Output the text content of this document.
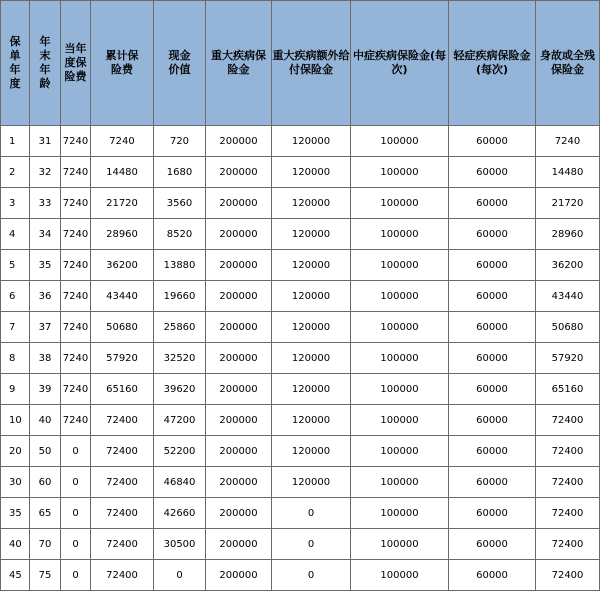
保单年度	年末年龄	当年度保险费	累计保险费	现金价值	重大疾病保险金	重大疾病额外给付保险金	中症疾病保险金(每次)	轻症疾病保险金(每次)	身故或全残保险金
1	31	7240	7240	720	200000	120000	100000	60000	7240
2	32	7240	14480	1680	200000	120000	100000	60000	14480
3	33	7240	21720	3560	200000	120000	100000	60000	21720
4	34	7240	28960	8520	200000	120000	100000	60000	28960
5	35	7240	36200	13880	200000	120000	100000	60000	36200
6	36	7240	43440	19660	200000	120000	100000	60000	43440
7	37	7240	50680	25860	200000	120000	100000	60000	50680
8	38	7240	57920	32520	200000	120000	100000	60000	57920
9	39	7240	65160	39620	200000	120000	100000	60000	65160
10	40	7240	72400	47200	200000	120000	100000	60000	72400
20	50	0	72400	52200	200000	120000	100000	60000	72400
30	60	0	72400	46840	200000	120000	100000	60000	72400
35	65	0	72400	42660	200000	0	100000	60000	72400
40	70	0	72400	30500	200000	0	100000	60000	72400
45	75	0	72400	0	200000	0	100000	60000	72400
